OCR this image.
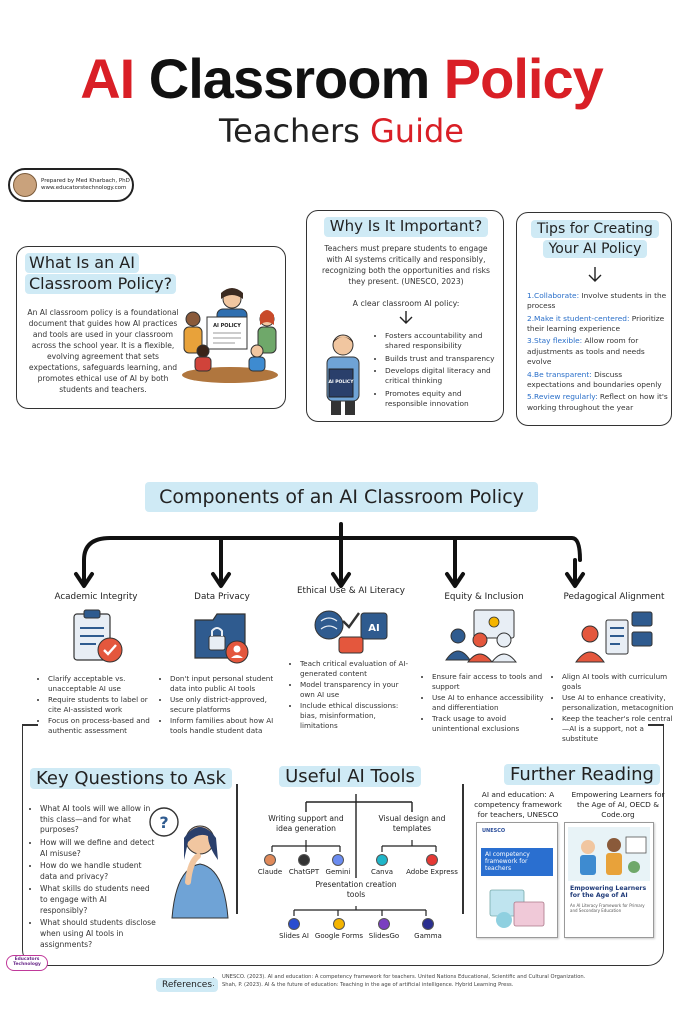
AI Classroom Policy
Teachers Guide
Prepared by Med Kharbach, PhD
www.educatorstechnology.com
What Is an AI
Classroom Policy?
An AI classroom policy is a foundational document that guides how AI practices and tools are used in your classroom across the school year. It is a flexible, evolving agreement that sets expectations, safeguards learning, and promotes ethical use of AI by both students and teachers.
AI POLICY
Why Is It Important?
Teachers must prepare students to engage with AI systems critically and responsibly, recognizing both the opportunities and risks they present. (UNESCO, 2023)
A clear classroom AI policy:
AI POLICY
• Fosters accountability and shared responsibility
• Builds trust and transparency
• Develops digital literacy and critical thinking
• Promotes equity and responsible innovation
Tips for Creating
Your AI Policy
1.Collaborate: Involve students in the process
2.Make it student-centered: Prioritize their learning experience
3.Stay flexible: Allow room for adjustments as tools and needs evolve
4.Be transparent: Discuss expectations and boundaries openly
5.Review regularly: Reflect on how it's working throughout the year
Components of an AI Classroom Policy
Academic Integrity
• Clarify acceptable vs. unacceptable AI use
• Require students to label or cite AI-assisted work
• Focus on process-based and authentic assessment
Data Privacy
• Don't input personal student data into public AI tools
• Use only district-approved, secure platforms
• Inform families about how AI tools handle student data
Ethical Use & AI Literacy
AI
• Teach critical evaluation of AI-generated content
• Model transparency in your own AI use
• Include ethical discussions: bias, misinformation, limitations
Equity & Inclusion
• Ensure fair access to tools and support
• Use AI to enhance accessibility and differentiation
• Track usage to avoid unintentional exclusions
Pedagogical Alignment
• Align AI tools with curriculum goals
• Use AI to enhance creativity, personalization, metacognition
• Keep the teacher's role central—AI is a support, not a substitute
Key Questions to Ask
• What AI tools will we allow in this class—and for what purposes?
• How will we define and detect AI misuse?
• How do we handle student data and privacy?
• What skills do students need to engage with AI responsibly?
• What should students disclose when using AI tools in assignments?
?
Useful AI Tools
Writing support and idea generation
Visual design and templates
Presentation creation tools
Claude ChatGPT Gemini	Canva	Adobe Express
Slides AI Google Forms SlidesGo	Gamma
Further Reading
AI and education: A competency framework for teachers, UNESCO
Empowering Learners for the Age of AI, OECD & Code.org
UNESCO
AI competency framework for teachers
Empowering Learners for the Age of AI
An AI Literacy Framework for Primary and Secondary Education
Educators Technology
References
• UNESCO. (2023). AI and education: A competency framework for teachers. United Nations Educational, Scientific and Cultural Organization.
• Shah, P. (2023). AI & the future of education: Teaching in the age of artificial intelligence. Hybrid Learning Press.
